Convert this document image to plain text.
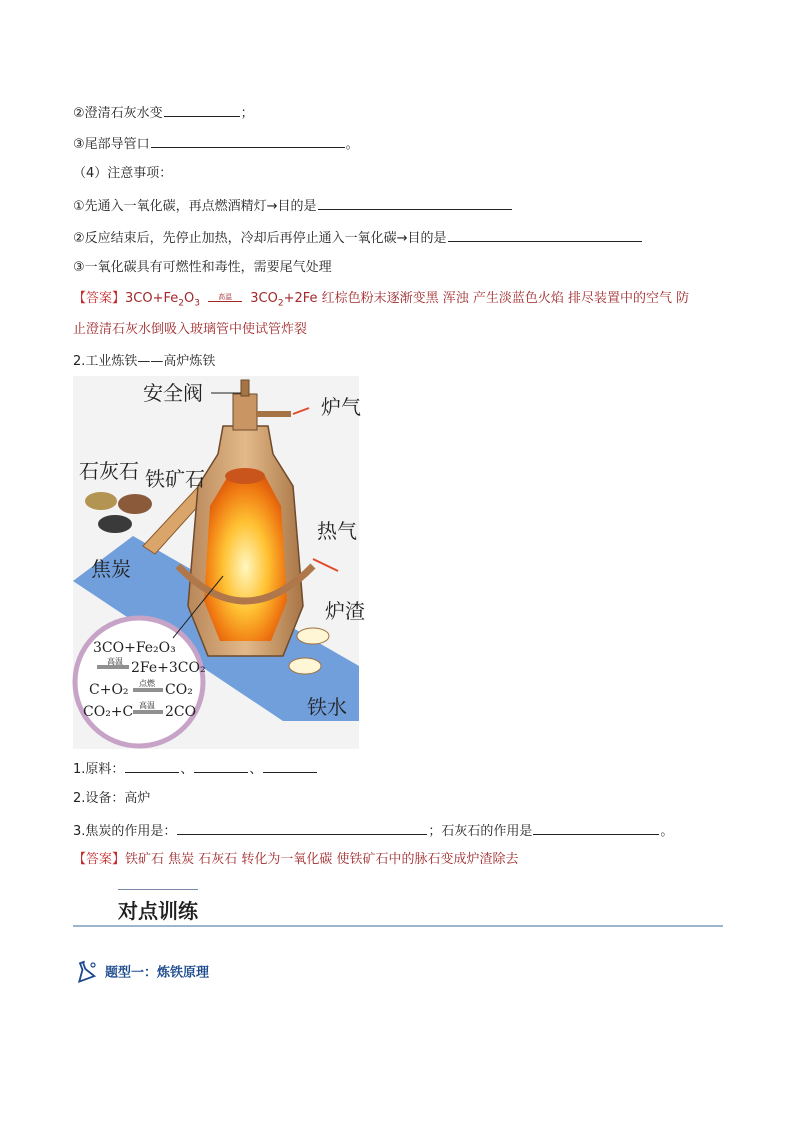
②澄清石灰水变	；
③尾部导管口	。
（4）注意事项：
①先通入一氧化碳，再点燃酒精灯→目的是
②反应结束后，先停止加热，冷却后再停止通入一氧化碳→目的是
③一氧化碳具有可燃性和毒性，需要尾气处理
【答案】$3CO+Fe_2O_3$
高温	$3CO_2+2Fe$ 红棕色粉末逐渐变黑 浑浊 产生淡蓝色火焰 排尽装置中的空气 防
止澄清石灰水倒吸入玻璃管中使试管炸裂
2.工业炼铁——高炉炼铁
安全阀
炉气
石灰石 铁矿石
焦炭
热气
炉渣
铁水
3CO+Fe₂O₃
高温 2Fe+3CO₂
C+O₂ 点燃 CO₂
CO₂+C 高温 2CO
1.原料：	、	、
2.设备：高炉
3.焦炭的作用是：	；石灰石的作用是	。
【答案】铁矿石 焦炭 石灰石 转化为一氧化碳 使铁矿石中的脉石变成炉渣除去
对点训练
题型一：炼铁原理
